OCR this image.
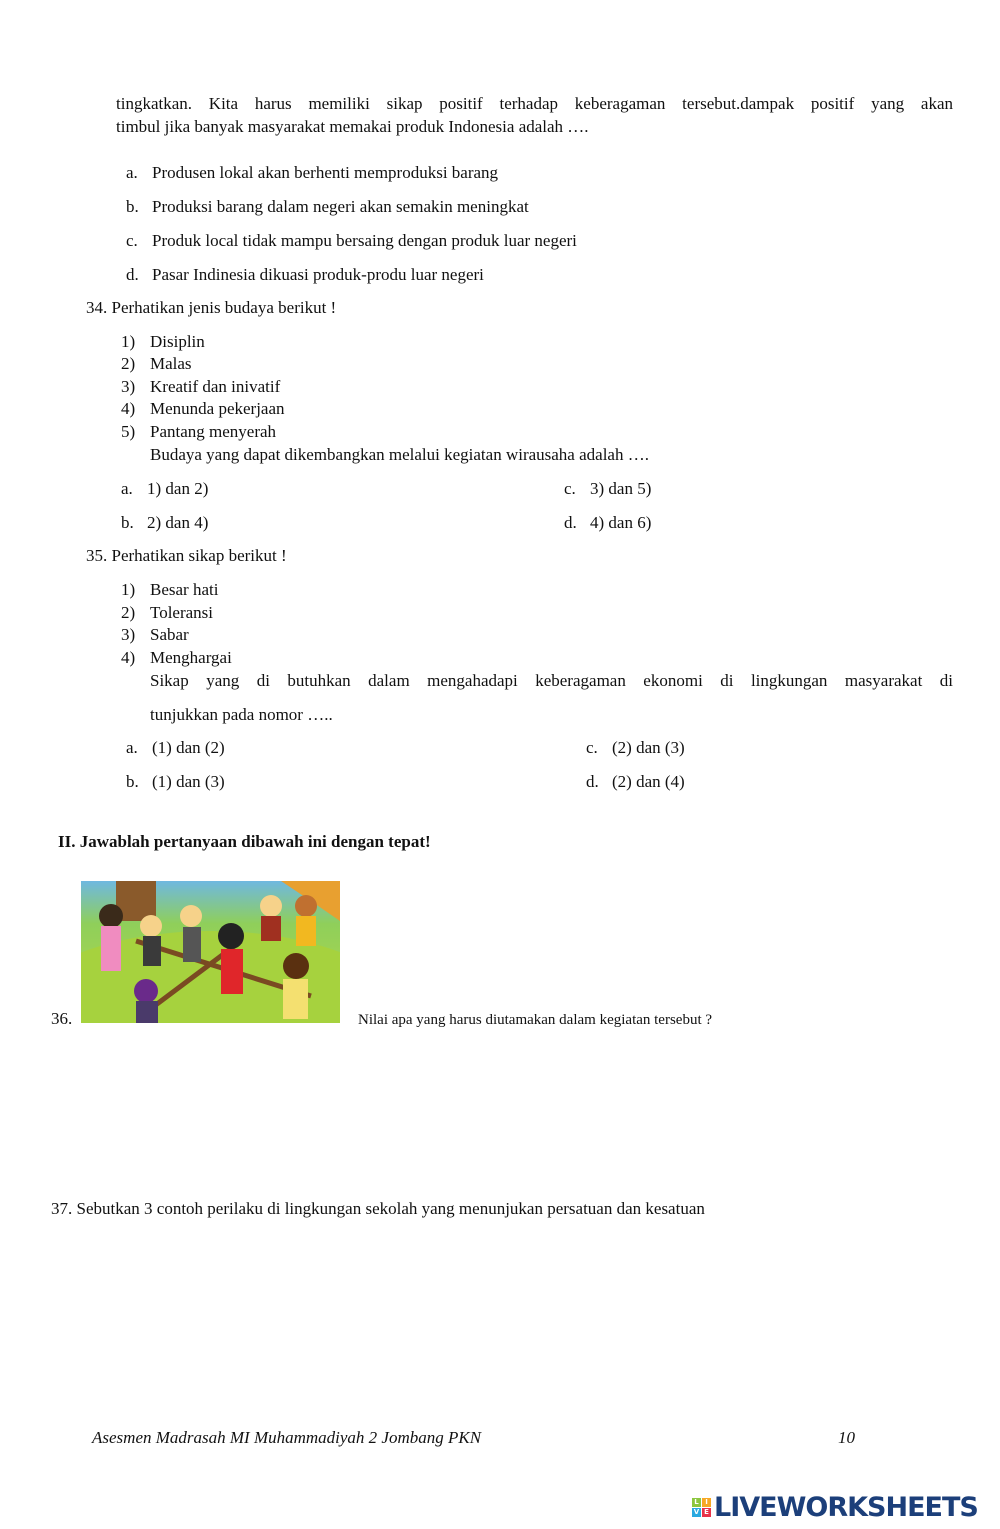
tingkatkan. Kita harus memiliki sikap positif terhadap keberagaman tersebut.dampak positif yang akan
timbul jika banyak masyarakat memakai produk Indonesia adalah ….
a. Produsen lokal akan berhenti memproduksi barang
b. Produksi barang dalam negeri akan semakin meningkat
c. Produk local tidak mampu bersaing dengan produk luar negeri
d. Pasar Indinesia dikuasi produk-produ luar negeri
34. Perhatikan jenis budaya berikut !
1) Disiplin
2) Malas
3) Kreatif dan inivatif
4) Menunda pekerjaan
5) Pantang menyerah
Budaya yang dapat dikembangkan melalui kegiatan wirausaha adalah ….
a. 1) dan 2)
b. 2) dan 4)
c. 3) dan 5)
d. 4) dan 6)
35. Perhatikan sikap berikut !
1) Besar hati
2) Toleransi
3) Sabar
4) Menghargai
Sikap yang di butuhkan dalam mengahadapi keberagaman ekonomi di lingkungan masyarakat di
tunjukkan pada nomor …..
a. (1) dan (2)
b. (1) dan (3)
c. (2) dan (3)
d. (2) dan (4)
II. Jawablah pertanyaan dibawah ini dengan tepat!
36.	Nilai apa yang harus diutamakan dalam kegiatan tersebut ?
37. Sebutkan 3 contoh perilaku di lingkungan sekolah yang menunjukan persatuan dan kesatuan
Asesmen Madrasah MI Muhammadiyah 2 Jombang PKN	10
L I
V E LIVEWORKSHEETS
